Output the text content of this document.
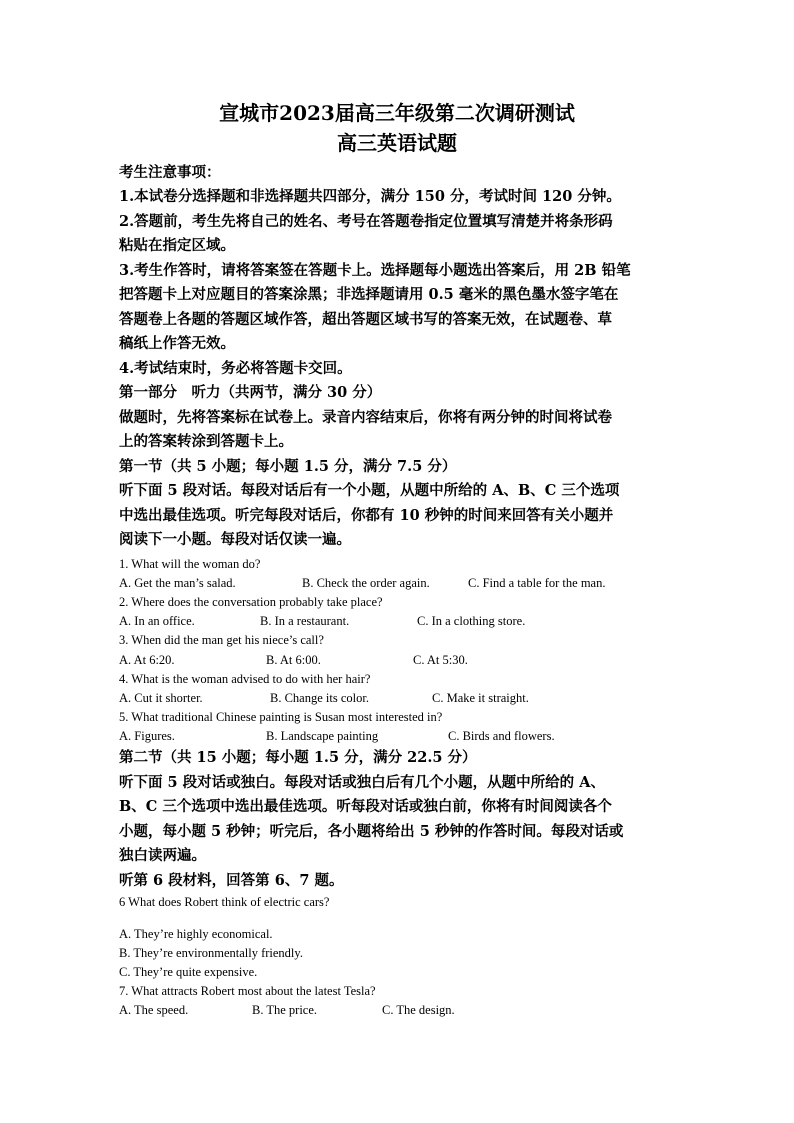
宣城市2023届高三年级第二次调研测试
高三英语试题
考生注意事项：
1.本试卷分选择题和非选择题共四部分，满分 150 分，考试时间 120 分钟。
2.答题前，考生先将自己的姓名、考号在答题卷指定位置填写清楚并将条形码
粘贴在指定区域。
3.考生作答时，请将答案签在答题卡上。选择题每小题选出答案后，用 2B 铅笔
把答题卡上对应题目的答案涂黑；非选择题请用 0.5 毫米的黑色墨水签字笔在
答题卷上各题的答题区域作答，超出答题区域书写的答案无效，在试题卷、草
稿纸上作答无效。
4.考试结束时，务必将答题卡交回。
第一部分　听力（共两节，满分 30 分）
做题时，先将答案标在试卷上。录音内容结束后，你将有两分钟的时间将试卷
上的答案转涂到答题卡上。
第一节（共 5 小题；每小题 1.5 分，满分 7.5 分）
听下面 5 段对话。每段对话后有一个小题，从题中所给的 A、B、C 三个选项
中选出最佳选项。听完每段对话后，你都有 10 秒钟的时间来回答有关小题并
阅读下一小题。每段对话仅读一遍。
1. What will the woman do?
A. Get the man’s salad.	B. Check the order again.	C. Find a table for the man.
2. Where does the conversation probably take place?
A. In an office.	B. In a restaurant.	C. In a clothing store.
3. When did the man get his niece’s call?
A. At 6:20.	B. At 6:00.	C. At 5:30.
4. What is the woman advised to do with her hair?
A. Cut it shorter.	B. Change its color.	C. Make it straight.
5. What traditional Chinese painting is Susan most interested in?
A. Figures.	B. Landscape painting	C. Birds and flowers.
第二节（共 15 小题；每小题 1.5 分，满分 22.5 分）
听下面 5 段对话或独白。每段对话或独白后有几个小题，从题中所给的 A、
B、C 三个选项中选出最佳选项。听每段对话或独白前，你将有时间阅读各个
小题，每小题 5 秒钟；听完后，各小题将给出 5 秒钟的作答时间。每段对话或
独白读两遍。
听第 6 段材料，回答第 6、7 题。
6 What does Robert think of electric cars?
A. They’re highly economical.
B. They’re environmentally friendly.
C. They’re quite expensive.
7. What attracts Robert most about the latest Tesla?
A. The speed.	B. The price.	C. The design.
